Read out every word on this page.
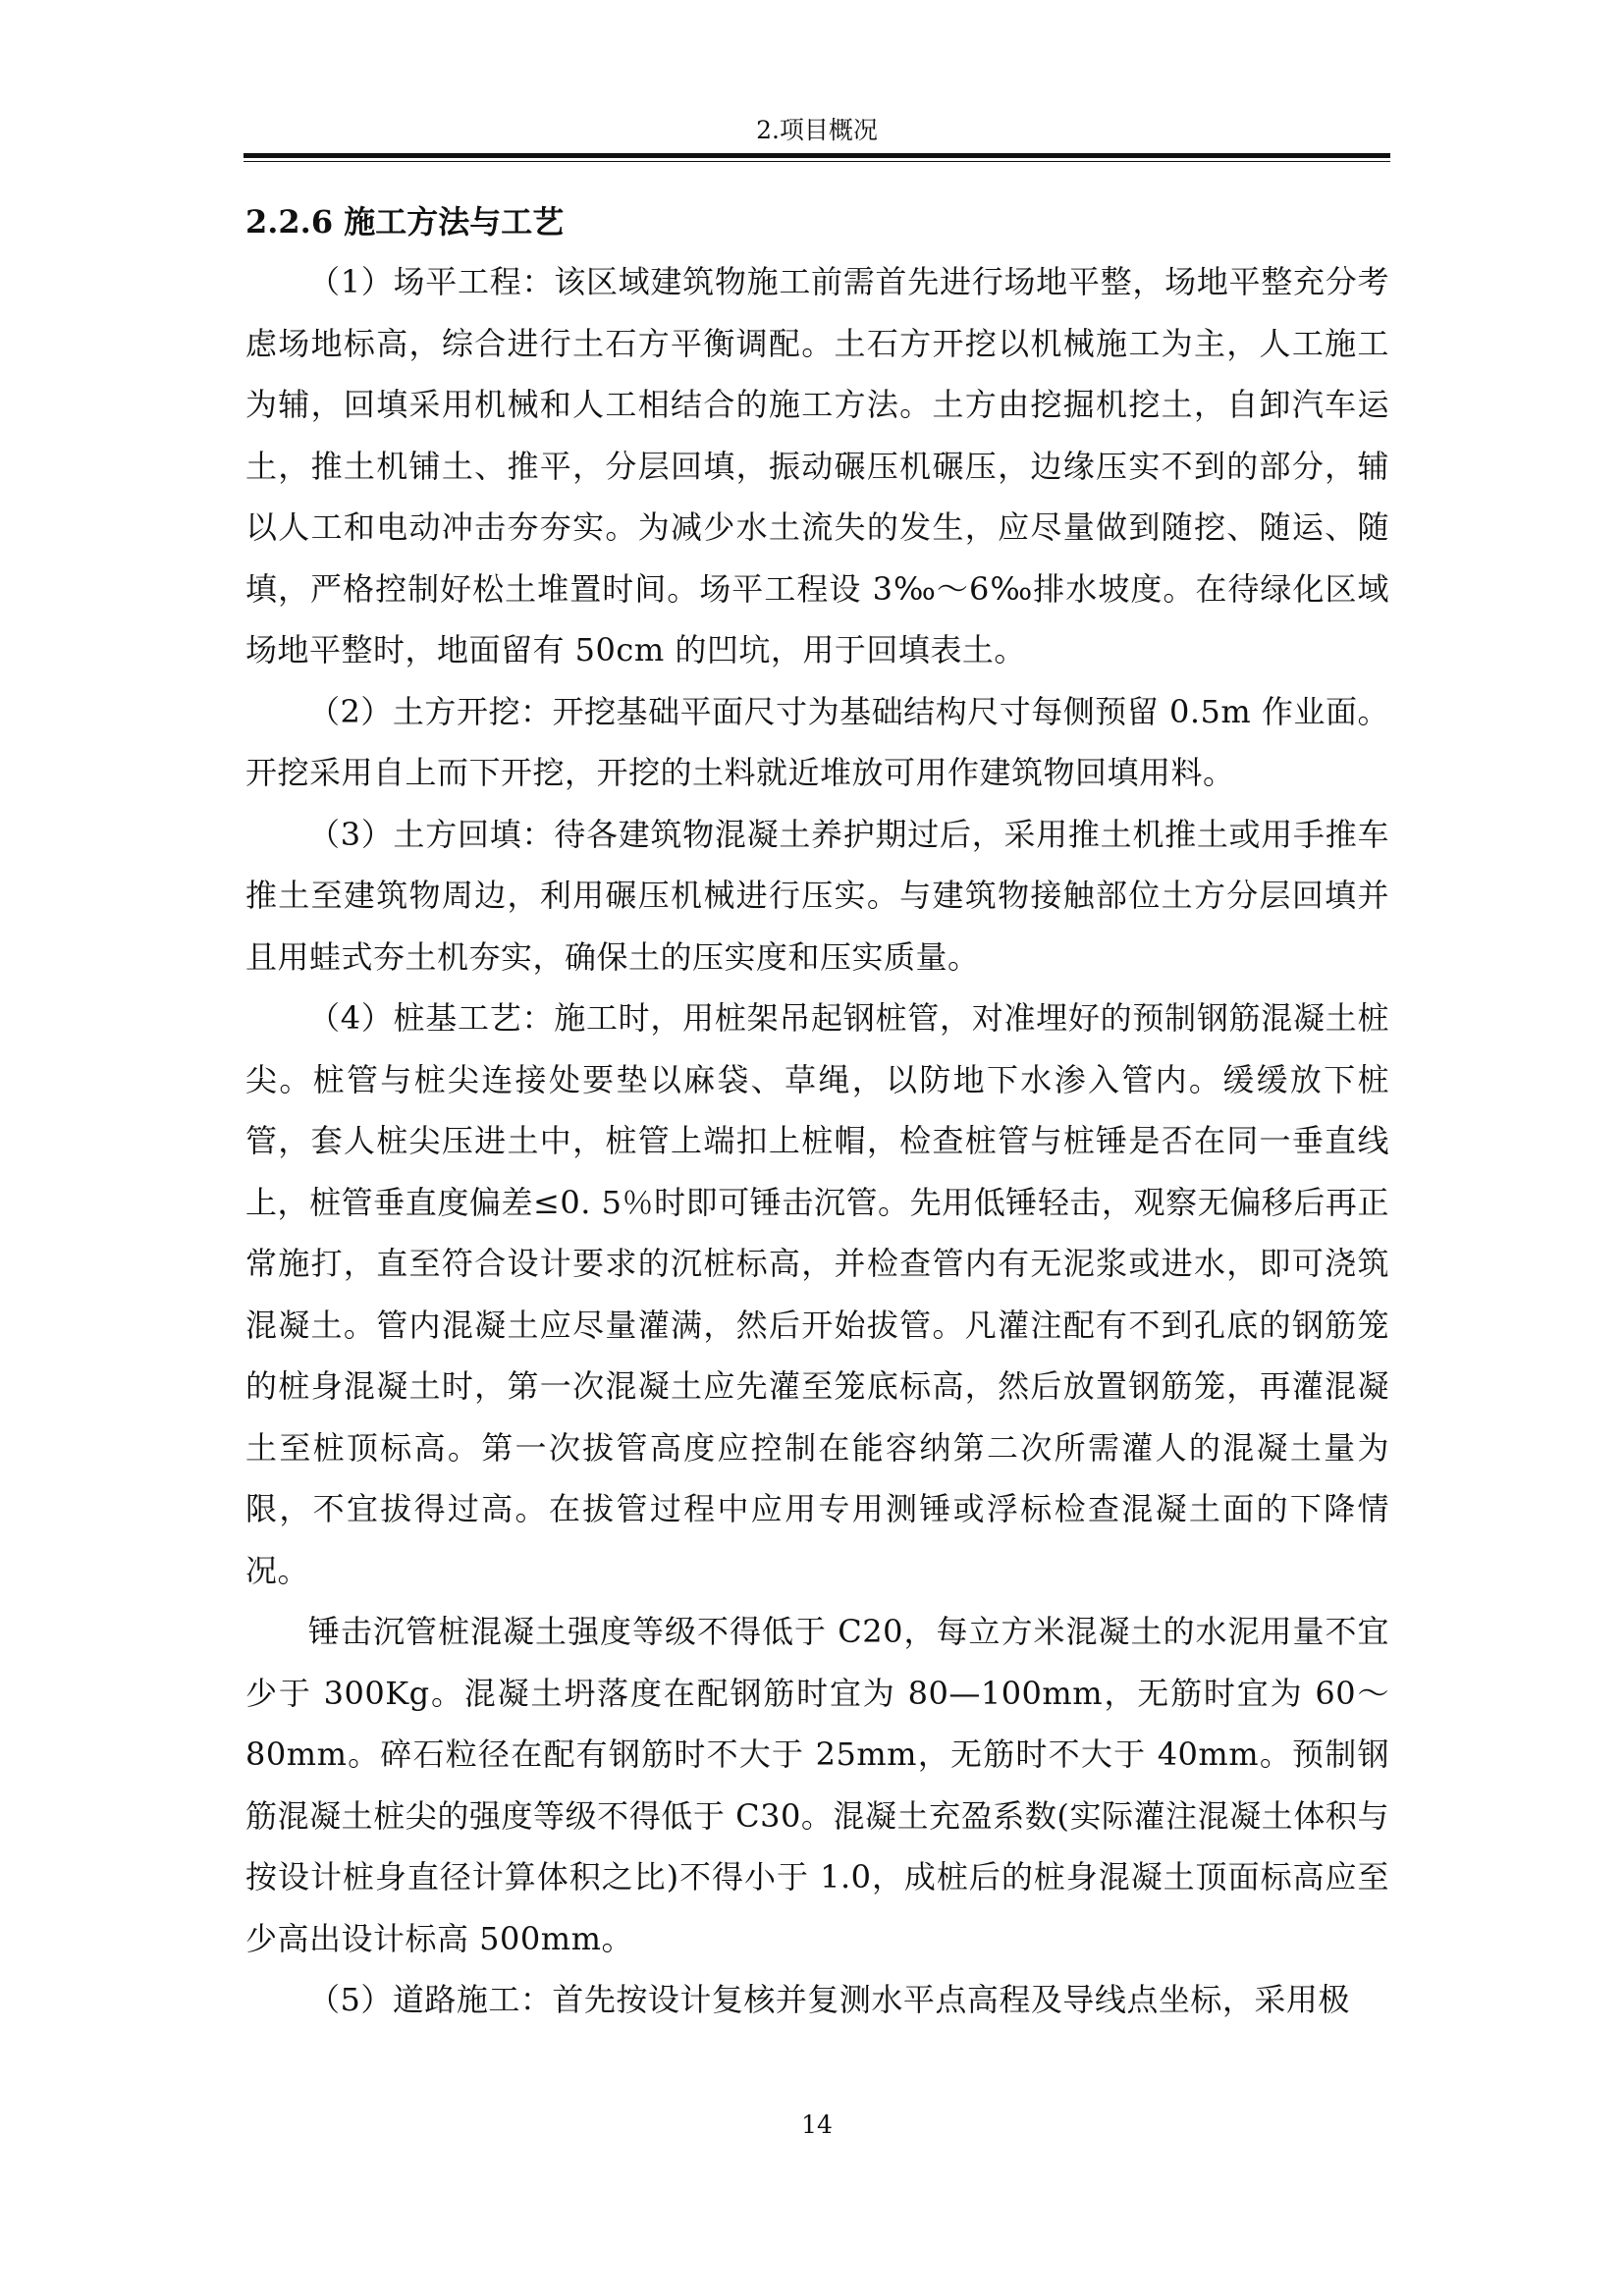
2.项目概况
2.2.6 施工方法与工艺

（1）场平工程：该区域建筑物施工前需首先进行场地平整，场地平整充分考虑场地标高，综合进行土石方平衡调配。土石方开挖以机械施工为主，人工施工为辅，回填采用机械和人工相结合的施工方法。土方由挖掘机挖土，自卸汽车运土，推土机铺土、推平，分层回填，振动碾压机碾压，边缘压实不到的部分，辅以人工和电动冲击夯夯实。为减少水土流失的发生，应尽量做到随挖、随运、随填，严格控制好松土堆置时间。场平工程设 3‰～6‰排水坡度。在待绿化区域场地平整时，地面留有 50cm 的凹坑，用于回填表土。

（2）土方开挖：开挖基础平面尺寸为基础结构尺寸每侧预留 0.5m 作业面。开挖采用自上而下开挖，开挖的土料就近堆放可用作建筑物回填用料。

（3）土方回填：待各建筑物混凝土养护期过后，采用推土机推土或用手推车推土至建筑物周边，利用碾压机械进行压实。与建筑物接触部位土方分层回填并且用蛙式夯土机夯实，确保土的压实度和压实质量。

（4）桩基工艺：施工时，用桩架吊起钢桩管，对准埋好的预制钢筋混凝土桩尖。桩管与桩尖连接处要垫以麻袋、草绳，以防地下水渗入管内。缓缓放下桩管，套人桩尖压进土中，桩管上端扣上桩帽，检查桩管与桩锤是否在同一垂直线上，桩管垂直度偏差≤0. 5％时即可锤击沉管。先用低锤轻击，观察无偏移后再正常施打，直至符合设计要求的沉桩标高，并检查管内有无泥浆或进水，即可浇筑混凝土。管内混凝土应尽量灌满，然后开始拔管。凡灌注配有不到孔底的钢筋笼的桩身混凝土时，第一次混凝土应先灌至笼底标高，然后放置钢筋笼，再灌混凝土至桩顶标高。第一次拔管高度应控制在能容纳第二次所需灌人的混凝土量为限，不宜拔得过高。在拔管过程中应用专用测锤或浮标检查混凝土面的下降情况。

锤击沉管桩混凝土强度等级不得低于 C20，每立方米混凝土的水泥用量不宜少于 300Kg。混凝土坍落度在配钢筋时宜为 80—100mm，无筋时宜为 60～80mm。碎石粒径在配有钢筋时不大于 25mm，无筋时不大于 40mm。预制钢筋混凝土桩尖的强度等级不得低于 C30。混凝土充盈系数(实际灌注混凝土体积与按设计桩身直径计算体积之比)不得小于 1.0，成桩后的桩身混凝土顶面标高应至少高出设计标高 500mm。

（5）道路施工：首先按设计复核并复测水平点高程及导线点坐标，采用极

14
